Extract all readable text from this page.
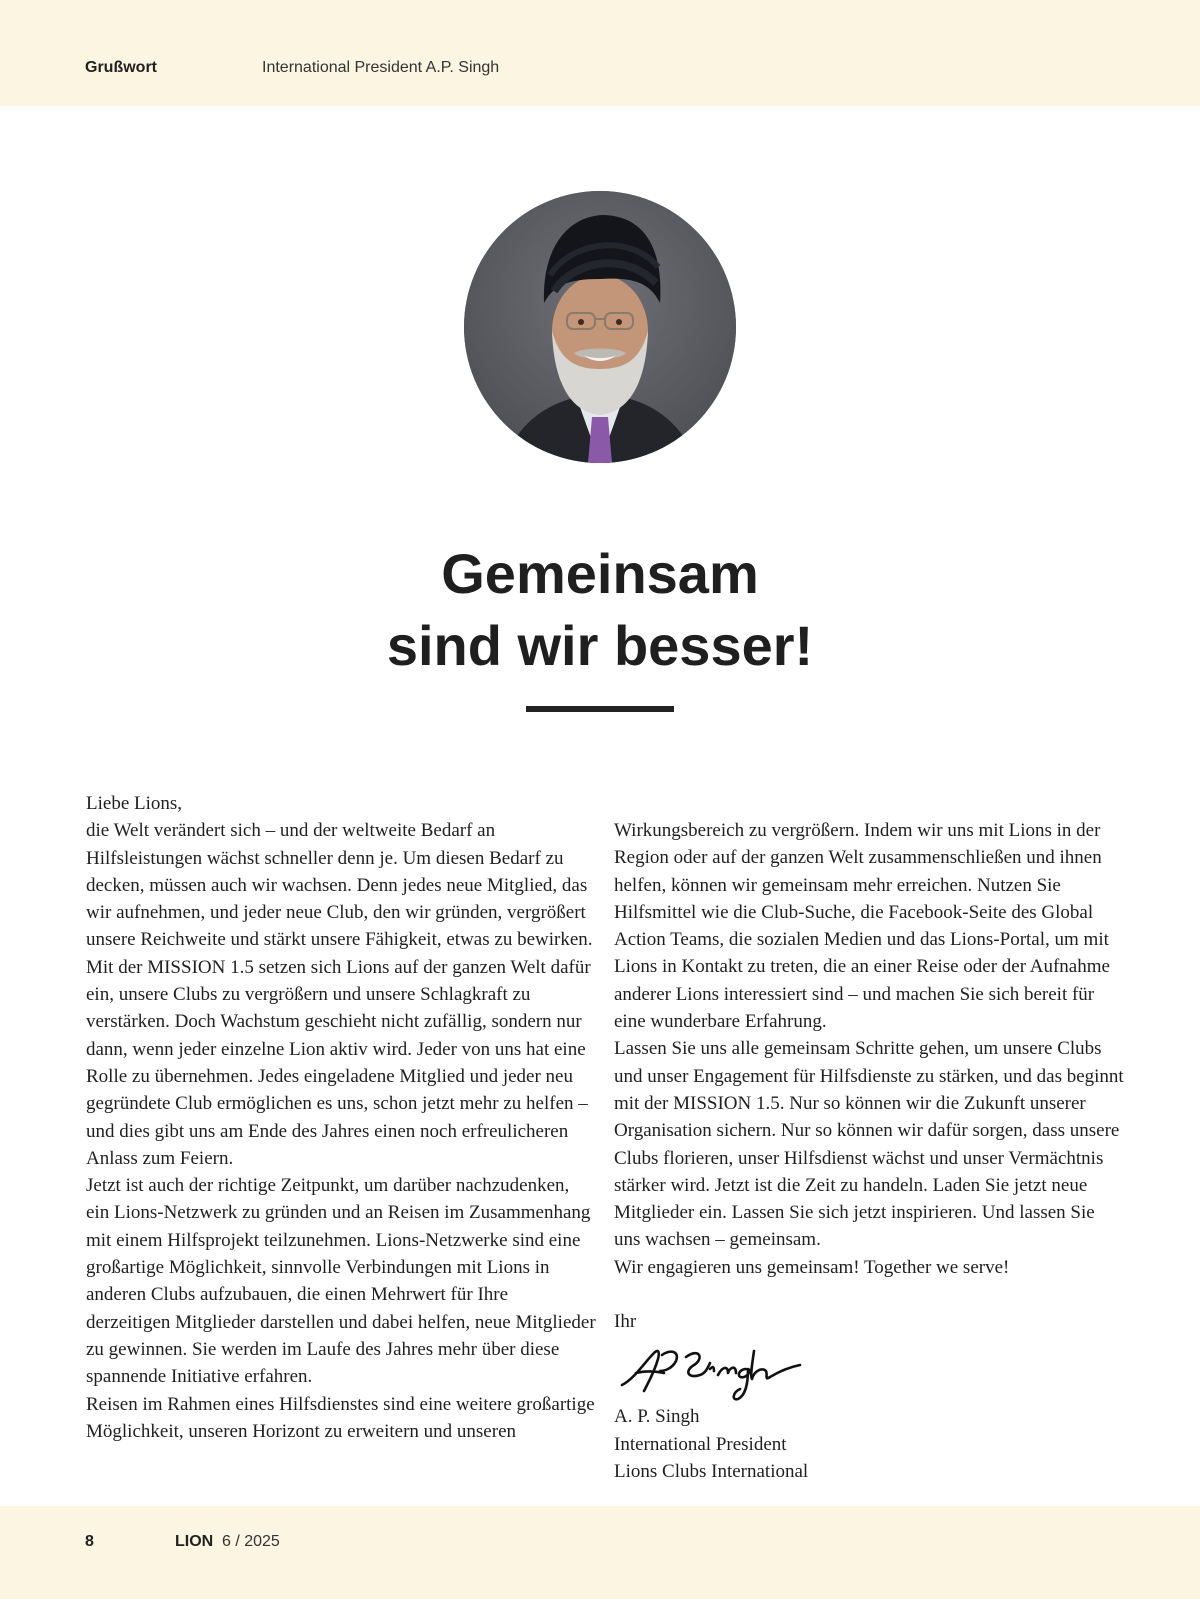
Grußwort	International President A.P. Singh
Gemeinsam
sind wir besser!

Liebe Lions,

die Welt verändert sich – und der weltweite Bedarf an Hilfsleistungen wächst schneller denn je. Um diesen Bedarf zu decken, müssen auch wir wachsen. Denn jedes neue Mitglied, das wir aufnehmen, und jeder neue Club, den wir gründen, vergrößert unsere Reichweite und stärkt unsere Fähigkeit, etwas zu bewirken.

Mit der MISSION 1.5 setzen sich Lions auf der ganzen Welt dafür ein, unsere Clubs zu vergrößern und unsere Schlagkraft zu verstärken. Doch Wachstum geschieht nicht zufällig, sondern nur dann, wenn jeder einzelne Lion aktiv wird. Jeder von uns hat eine Rolle zu übernehmen. Jedes eingeladene Mitglied und jeder neu gegründete Club ermöglichen es uns, schon jetzt mehr zu helfen – und dies gibt uns am Ende des Jahres einen noch erfreulicheren Anlass zum Feiern.

Jetzt ist auch der richtige Zeitpunkt, um darüber nachzudenken, ein Lions-Netzwerk zu gründen und an Reisen im Zusammenhang mit einem Hilfsprojekt teilzunehmen. Lions-Netzwerke sind eine großartige Möglichkeit, sinnvolle Verbindungen mit Lions in anderen Clubs aufzubauen, die einen Mehrwert für Ihre derzeitigen Mitglieder darstellen und dabei helfen, neue Mitglieder zu gewinnen. Sie werden im Laufe des Jahres mehr über diese spannende Initiative erfahren.

Reisen im Rahmen eines Hilfsdienstes sind eine weitere großartige Möglichkeit, unseren Horizont zu erweitern und unseren

Wirkungsbereich zu vergrößern. Indem wir uns mit Lions in der Region oder auf der ganzen Welt zusammenschließen und ihnen helfen, können wir gemeinsam mehr erreichen. Nutzen Sie Hilfsmittel wie die Club-Suche, die Facebook-Seite des Global Action Teams, die sozialen Medien und das Lions-Portal, um mit Lions in Kontakt zu treten, die an einer Reise oder der Aufnahme anderer Lions interessiert sind – und machen Sie sich bereit für eine wunderbare Erfahrung.

Lassen Sie uns alle gemeinsam Schritte gehen, um unsere Clubs und unser Engagement für Hilfsdienste zu stärken, und das beginnt mit der MISSION 1.5. Nur so können wir die Zukunft unserer Organisation sichern. Nur so können wir dafür sorgen, dass unsere Clubs florieren, unser Hilfsdienst wächst und unser Vermächtnis stärker wird. Jetzt ist die Zeit zu handeln. Laden Sie jetzt neue Mitglieder ein. Lassen Sie sich jetzt inspirieren. Und lassen Sie uns wachsen – gemeinsam.

Wir engagieren uns gemeinsam! Together we serve!

Ihr

A. P. Singh

International President

Lions Clubs International

8	LION 6 / 2025
